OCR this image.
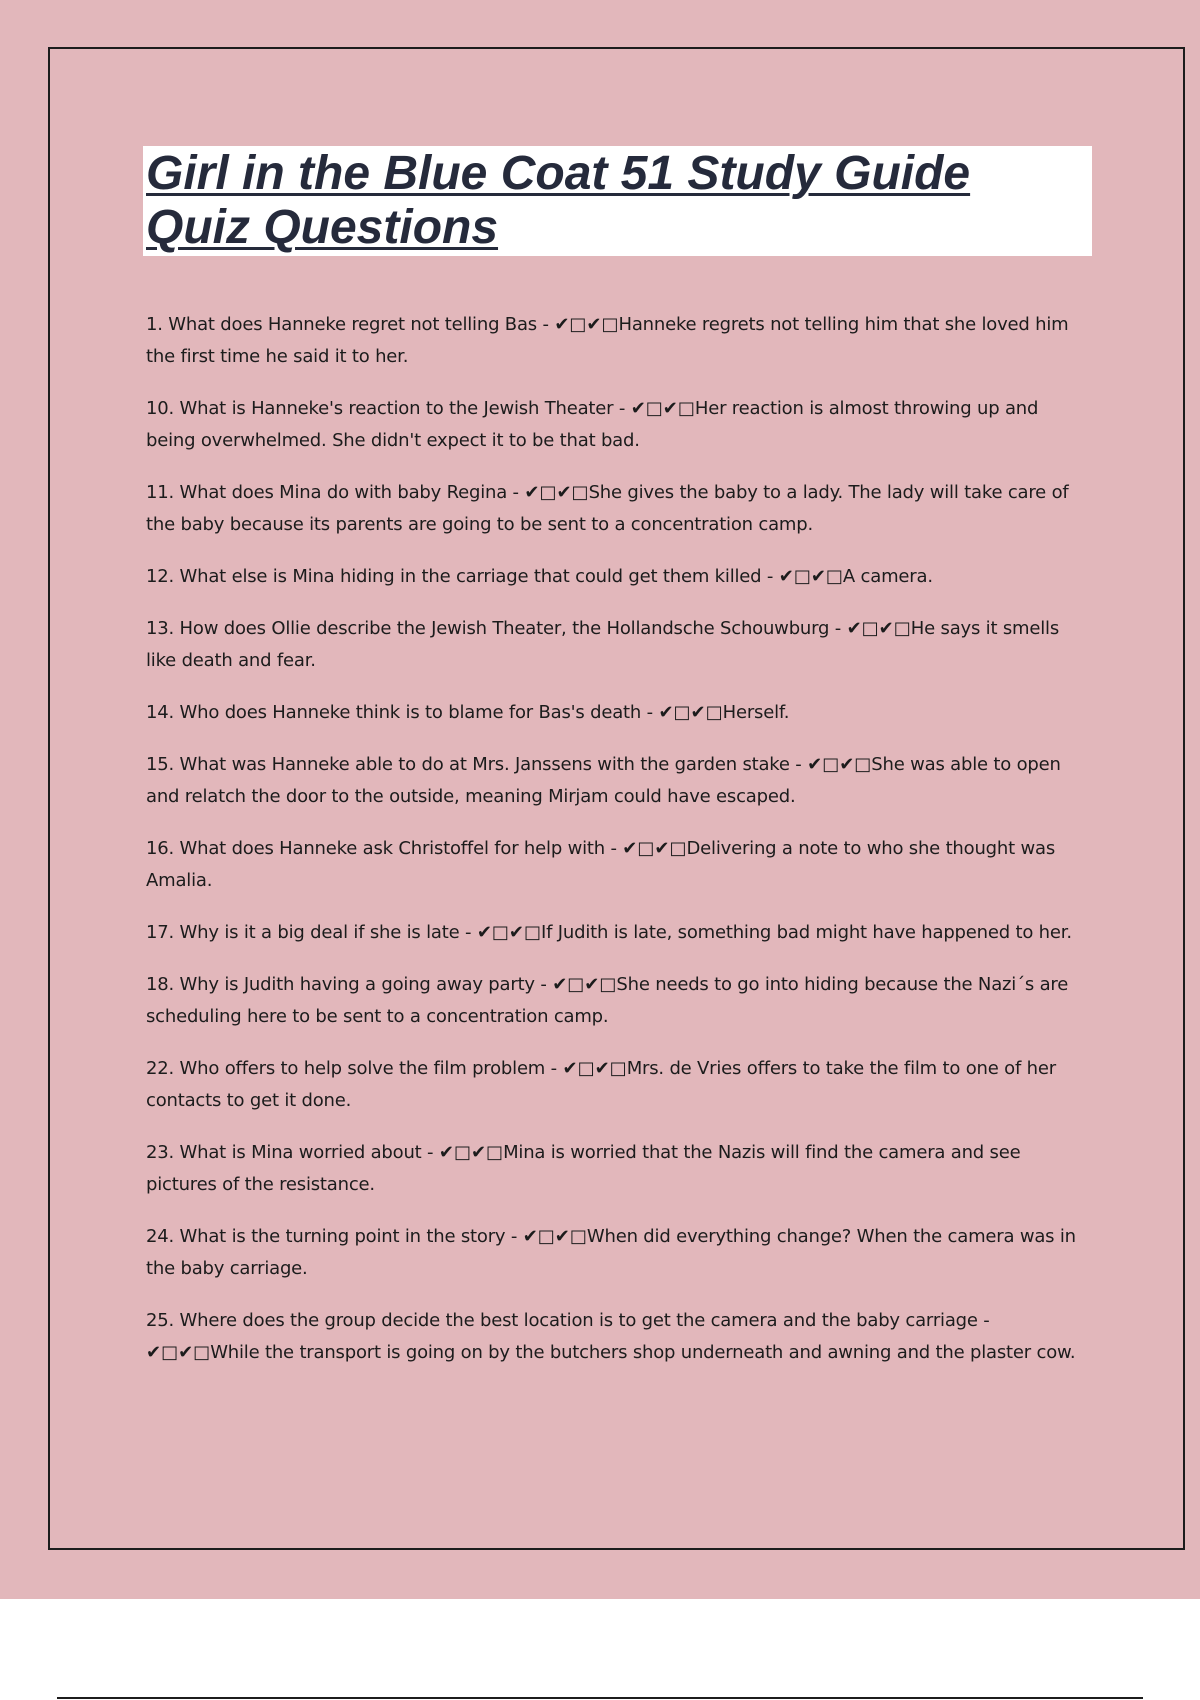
Girl in the Blue Coat 51 Study Guide Quiz Questions
1. What does Hanneke regret not telling Bas - ✔□✔□Hanneke regrets not telling him that she loved him the first time he said it to her.
10. What is Hanneke's reaction to the Jewish Theater - ✔□✔□Her reaction is almost throwing up and being overwhelmed. She didn't expect it to be that bad.
11. What does Mina do with baby Regina - ✔□✔□She gives the baby to a lady. The lady will take care of the baby because its parents are going to be sent to a concentration camp.
12. What else is Mina hiding in the carriage that could get them killed - ✔□✔□A camera.
13. How does Ollie describe the Jewish Theater, the Hollandsche Schouwburg - ✔□✔□He says it smells like death and fear.
14. Who does Hanneke think is to blame for Bas's death - ✔□✔□Herself.
15. What was Hanneke able to do at Mrs. Janssens with the garden stake - ✔□✔□She was able to open and relatch the door to the outside, meaning Mirjam could have escaped.
16. What does Hanneke ask Christoffel for help with - ✔□✔□Delivering a note to who she thought was Amalia.
17. Why is it a big deal if she is late - ✔□✔□If Judith is late, something bad might have happened to her.
18. Why is Judith having a going away party - ✔□✔□She needs to go into hiding because the Nazi´s are scheduling here to be sent to a concentration camp.
22. Who offers to help solve the film problem - ✔□✔□Mrs. de Vries offers to take the film to one of her contacts to get it done.
23. What is Mina worried about - ✔□✔□Mina is worried that the Nazis will find the camera and see pictures of the resistance.
24. What is the turning point in the story - ✔□✔□When did everything change? When the camera was in the baby carriage.
25. Where does the group decide the best location is to get the camera and the baby carriage - ✔□✔□While the transport is going on by the butchers shop underneath and awning and the plaster cow.
